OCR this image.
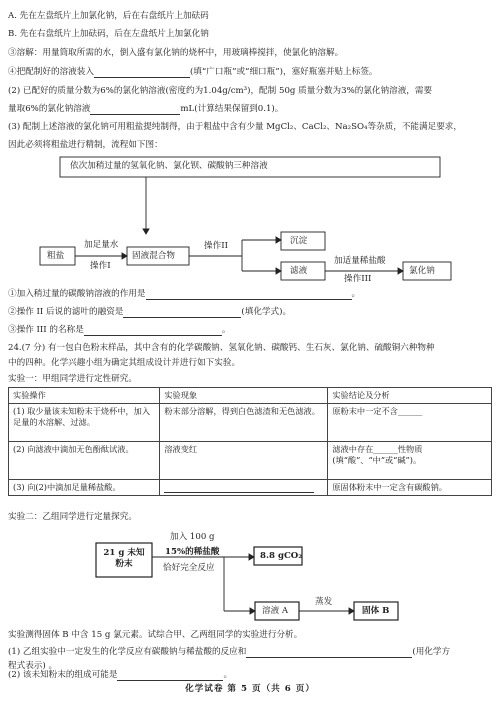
A. 先在左盘纸片上加氯化钠，后在右盘纸片上加砝码
B. 先在右盘纸片上加砝码，后在左盘纸片上加氯化钠
③溶解：用量筒取所需的水，倒入盛有氯化钠的烧杯中，用玻璃棒搅拌，使氯化钠溶解。
④把配制好的溶液装入	(填“广口瓶”或“细口瓶”)，塞好瓶塞并贴上标签。
(2) 已配好的质量分数为6%的氯化钠溶液(密度约为1.04g/cm³)，配制 50g 质量分数为3%的氯化钠溶液，需要
量取6%的氯化钠溶液	mL(计算结果保留到0.1)。
(3) 配制上述溶液的氯化钠可用粗盐提纯制得，由于粗盐中含有少量 MgCl₂、CaCl₂、Na₂SO₄等杂质，不能满足要求，
因此必须将粗盐进行精制，流程如下图：
依次加稍过量的氢氧化钠、氯化钡、碳酸钠三种溶液
粗盐
加足量水
操作I
固液混合物
操作II	沉淀
滤液
加适量稀盐酸
操作III
氯化钠
①加入稍过量的碳酸钠溶液的作用是	。
②操作 II 后说的滤叶的融资是	(填化学式)。
③操作 III 的名称是	。
24.(7 分) 有一包白色粉末样品，其中含有的化学碳酸钠、氢氧化钠、碳酸钙、生石灰、氯化钠、硫酸铜六种物种
中的四种。化学兴趣小组为确定其组成设计并进行如下实验。
实验一：甲组同学进行定性研究。
实验操作	实验现象	实验结论及分析
(1) 取少量该未知粉末于烧杯中，加入足量的水溶解、过滤。	粉末部分溶解，得到白色滤渣和无色滤液。	原粉末中一定不含______
(2) 向滤液中滴加无色酚酞试液。	溶液变红	滤液中存在______性物质(填“酸”、“中”或“碱”)。
(3) 向(2)中滴加足量稀盐酸。		原固体粉末中一定含有碳酸钠。
实验二：乙组同学进行定量探究。
21 g 未知粉末
加入 100 g
15%的稀盐酸
恰好完全反应
8.8 gCO₂
溶液 A
蒸发
固体 B
实验测得固体 B 中含 15 g 氯元素。试综合甲、乙两组同学的实验进行分析。
(1) 乙组实验中一定发生的化学反应有碳酸钠与稀盐酸的反应和	(用化学方
程式表示) 。
(2) 该未知粉末的组成可能是	。
化学试卷 第 5 页（共 6 页）
